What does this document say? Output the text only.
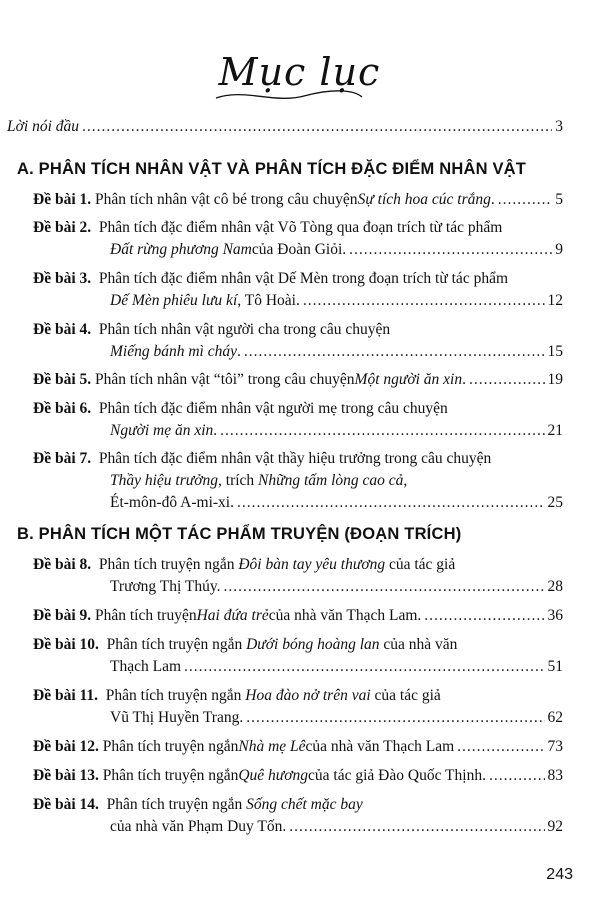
Mục lục
Lời nói đầu .....	3
A. PHÂN TÍCH NHÂN VẬT VÀ PHÂN TÍCH ĐẶC ĐIỂM NHÂN VẬT
Đề bài 1.
Phân tích nhân vật cô bé trong câu chuyện Sự tích hoa cúc trắng . .....	5
Đề bài 2. Phân tích đặc điểm nhân vật Võ Tòng qua đoạn trích từ tác phẩm
Đất rừng phương Nam của Đoàn Giỏi. .....	9
Đề bài 3. Phân tích đặc điểm nhân vật Dế Mèn trong đoạn trích từ tác phẩm
Dế Mèn phiêu lưu kí , Tô Hoài. .....	12
Đề bài 4. Phân tích nhân vật người cha trong câu chuyện
Miếng bánh mì cháy . .....	15
Đề bài 5.
Phân tích nhân vật “tôi” trong câu chuyện Một người ăn xin . .....	19
Đề bài 6. Phân tích đặc điểm nhân vật người mẹ trong câu chuyện
Người mẹ ăn xin . .....	21
Đề bài 7. Phân tích đặc điểm nhân vật thầy hiệu trưởng trong câu chuyện
Thầy hiệu trưởng, trích Những tấm lòng cao cả,
Ét-môn-đô A-mi-xi. .....	25
B. PHÂN TÍCH MỘT TÁC PHẨM TRUYỆN (ĐOẠN TRÍCH)
Đề bài 8. Phân tích truyện ngắn Đôi bàn tay yêu thương của tác giả
Trương Thị Thúy. .....	28
Đề bài 9.
Phân tích truyện Hai đứa trẻ của nhà văn Thạch Lam. .....	36
Đề bài 10. Phân tích truyện ngắn Dưới bóng hoàng lan của nhà văn
Thạch Lam .....	51
Đề bài 11. Phân tích truyện ngắn Hoa đào nở trên vai của tác giả
Vũ Thị Huyền Trang. .....	62
Đề bài 12.
Phân tích truyện ngắn Nhà mẹ Lê của nhà văn Thạch Lam .....	73
Đề bài 13.
Phân tích truyện ngắn Quê hương của tác giả Đào Quốc Thịnh. .....	83
Đề bài 14. Phân tích truyện ngắn Sống chết mặc bay
của nhà văn Phạm Duy Tốn. .....	92
243
